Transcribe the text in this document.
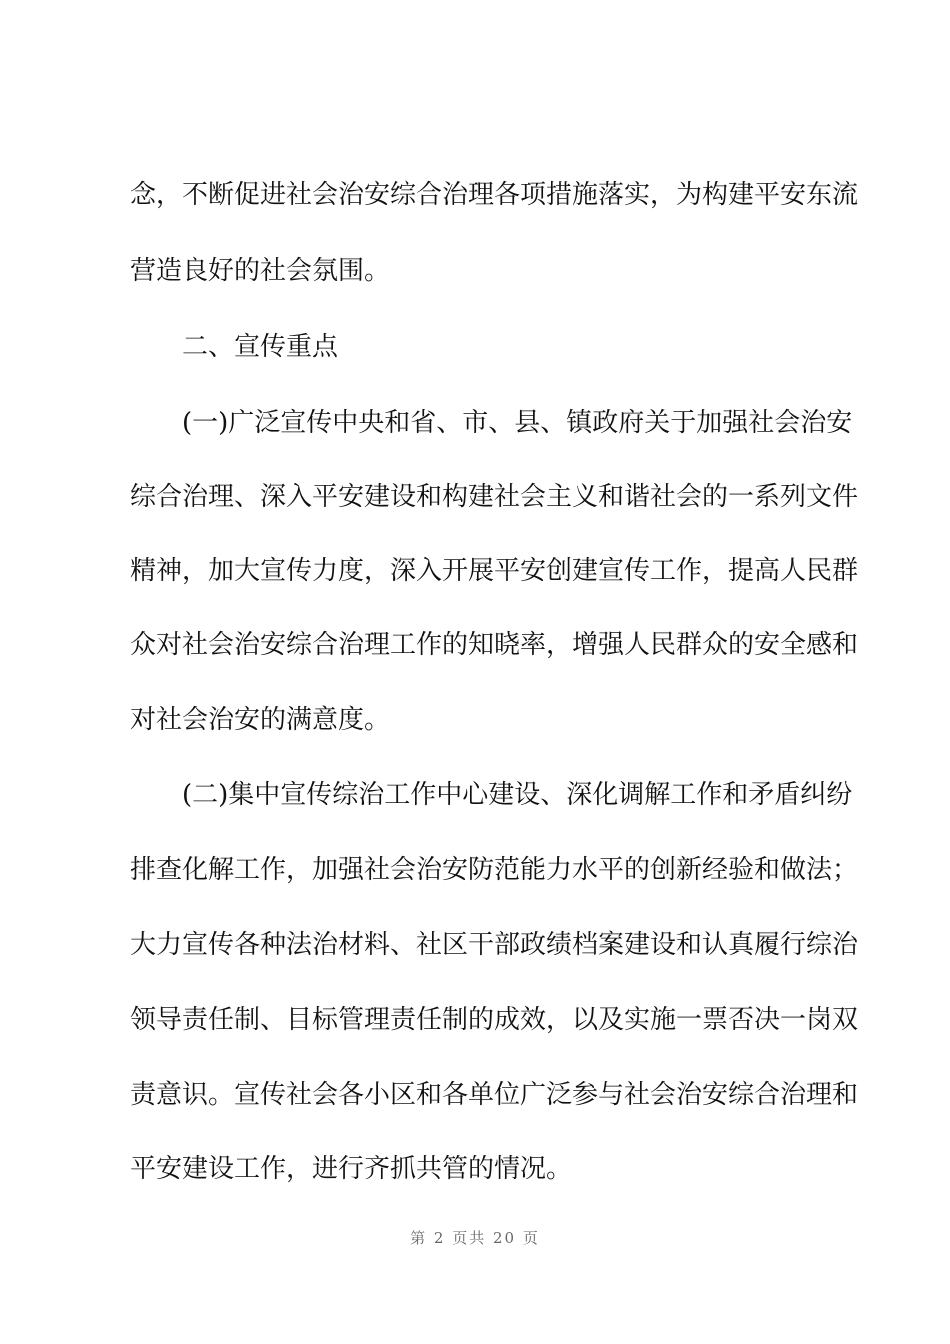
念，不断促进社会治安综合治理各项措施落实，为构建平安东流
营造良好的社会氛围。
二、宣传重点
(一)广泛宣传中央和省、市、县、镇政府关于加强社会治安
综合治理、深入平安建设和构建社会主义和谐社会的一系列文件
精神，加大宣传力度，深入开展平安创建宣传工作，提高人民群
众对社会治安综合治理工作的知晓率，增强人民群众的安全感和
对社会治安的满意度。
(二)集中宣传综治工作中心建设、深化调解工作和矛盾纠纷
排查化解工作，加强社会治安防范能力水平的创新经验和做法；
大力宣传各种法治材料、社区干部政绩档案建设和认真履行综治
领导责任制、目标管理责任制的成效，以及实施一票否决一岗双
责意识。宣传社会各小区和各单位广泛参与社会治安综合治理和
平安建设工作，进行齐抓共管的情况。
第 2 页共 20 页
